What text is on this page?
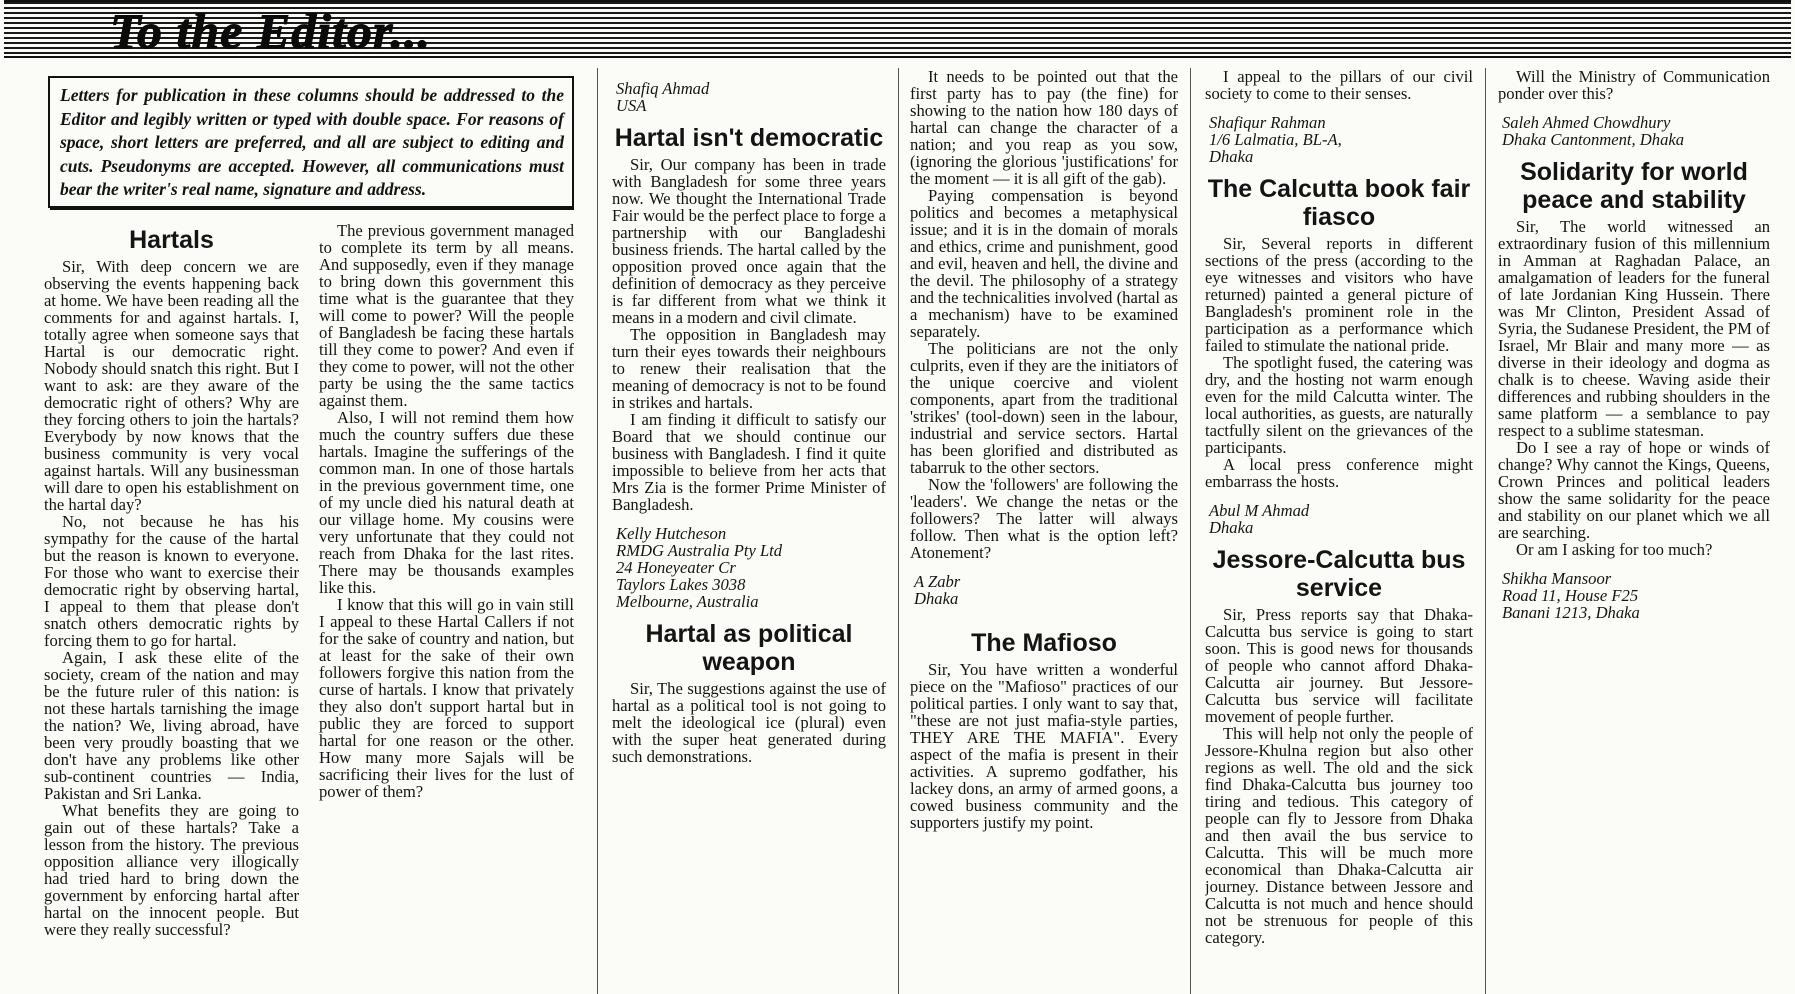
To the Editor...
Letters for publication in these columns should be addressed to the Editor and legibly written or typed with double space. For reasons of space, short letters are preferred, and all are subject to editing and cuts. Pseudonyms are accepted. However, all communications must bear the writer's real name, signature and address.
Hartals

Sir, With deep concern we are observing the events happening back at home. We have been reading all the comments for and against hartals. I, totally agree when someone says that Hartal is our democratic right. Nobody should snatch this right. But I want to ask: are they aware of the democratic right of others? Why are they forcing others to join the hartals? Everybody by now knows that the business community is very vocal against hartals. Will any businessman will dare to open his establishment on the hartal day?

No, not because he has his sympathy for the cause of the hartal but the reason is known to everyone. For those who want to exercise their democratic right by observing hartal, I appeal to them that please don't snatch others democratic rights by forcing them to go for hartal.

Again, I ask these elite of the society, cream of the nation and may be the future ruler of this nation: is not these hartals tarnishing the image the nation? We, living abroad, have been very proudly boasting that we don't have any problems like other sub-continent countries — India, Pakistan and Sri Lanka.

What benefits they are going to gain out of these hartals? Take a lesson from the history. The previous opposition alliance very illogically had tried hard to bring down the government by enforcing hartal after hartal on the innocent people. But were they really successful?

The previous government managed to complete its term by all means. And supposedly, even if they manage to bring down this government this time what is the guarantee that they will come to power? Will the people of Bangladesh be facing these hartals till they come to power? And even if they come to power, will not the other party be using the the same tactics against them.

Also, I will not remind them how much the country suffers due these hartals. Imagine the sufferings of the common man. In one of those hartals in the previous government time, one of my uncle died his natural death at our village home. My cousins were very unfortunate that they could not reach from Dhaka for the last rites. There may be thousands examples like this.

I know that this will go in vain still I appeal to these Hartal Callers if not for the sake of country and nation, but at least for the sake of their own followers forgive this nation from the curse of hartals. I know that privately they also don't support hartal but in public they are forced to support hartal for one reason or the other. How many more Sajals will be sacrificing their lives for the lust of power of them?

Shafiq Ahmad
USA
Hartal isn't democratic

Sir, Our company has been in trade with Bangladesh for some three years now. We thought the International Trade Fair would be the perfect place to forge a partnership with our Bangladeshi business friends. The hartal called by the opposition proved once again that the definition of democracy as they perceive is far different from what we think it means in a modern and civil climate.

The opposition in Bangladesh may turn their eyes towards their neighbours to renew their realisation that the meaning of democracy is not to be found in strikes and hartals.

I am finding it difficult to satisfy our Board that we should continue our business with Bangladesh. I find it quite impossible to believe from her acts that Mrs Zia is the former Prime Minister of Bangladesh.

Kelly Hutcheson
RMDG Australia Pty Ltd
24 Honeyeater Cr
Taylors Lakes 3038
Melbourne, Australia
Hartal as political weapon

Sir, The suggestions against the use of hartal as a political tool is not going to melt the ideological ice (plural) even with the super heat generated during such demonstrations.

It needs to be pointed out that the first party has to pay (the fine) for showing to the nation how 180 days of hartal can change the character of a nation; and you reap as you sow, (ignoring the glorious 'justifications' for the moment — it is all gift of the gab).

Paying compensation is beyond politics and becomes a metaphysical issue; and it is in the domain of morals and ethics, crime and punishment, good and evil, heaven and hell, the divine and the devil. The philosophy of a strategy and the technicalities involved (hartal as a mechanism) have to be examined separately.

The politicians are not the only culprits, even if they are the initiators of the unique coercive and violent components, apart from the traditional 'strikes' (tool-down) seen in the labour, industrial and service sectors. Hartal has been glorified and distributed as tabarruk to the other sectors.

Now the 'followers' are following the 'leaders'. We change the netas or the followers? The latter will always follow. Then what is the option left? Atonement?

A Zabr
Dhaka
The Mafioso

Sir, You have written a wonderful piece on the "Mafioso" practices of our political parties. I only want to say that, "these are not just mafia-style parties, THEY ARE THE MAFIA". Every aspect of the mafia is present in their activities. A supremo godfather, his lackey dons, an army of armed goons, a cowed business community and the supporters justify my point.

I appeal to the pillars of our civil society to come to their senses.

Shafiqur Rahman
1/6 Lalmatia, BL-A,
Dhaka
The Calcutta book fair fiasco

Sir, Several reports in different sections of the press (according to the eye witnesses and visitors who have returned) painted a general picture of Bangladesh's prominent role in the participation as a performance which failed to stimulate the national pride.

The spotlight fused, the catering was dry, and the hosting not warm enough even for the mild Calcutta winter. The local authorities, as guests, are naturally tactfully silent on the grievances of the participants.

A local press conference might embarrass the hosts.

Abul M Ahmad
Dhaka
Jessore-Calcutta bus service

Sir, Press reports say that Dhaka-Calcutta bus service is going to start soon. This is good news for thousands of people who cannot afford Dhaka-Calcutta air journey. But Jessore-Calcutta bus service will facilitate movement of people further.

This will help not only the people of Jessore-Khulna region but also other regions as well. The old and the sick find Dhaka-Calcutta bus journey too tiring and tedious. This category of people can fly to Jessore from Dhaka and then avail the bus service to Calcutta. This will be much more economical than Dhaka-Calcutta air journey. Distance between Jessore and Calcutta is not much and hence should not be strenuous for people of this category.

Will the Ministry of Communication ponder over this?

Saleh Ahmed Chowdhury
Dhaka Cantonment, Dhaka
Solidarity for world peace and stability

Sir, The world witnessed an extraordinary fusion of this millennium in Amman at Raghadan Palace, an amalgamation of leaders for the funeral of late Jordanian King Hussein. There was Mr Clinton, President Assad of Syria, the Sudanese President, the PM of Israel, Mr Blair and many more — as diverse in their ideology and dogma as chalk is to cheese. Waving aside their differences and rubbing shoulders in the same platform — a semblance to pay respect to a sublime statesman.

Do I see a ray of hope or winds of change? Why cannot the Kings, Queens, Crown Princes and political leaders show the same solidarity for the peace and stability on our planet which we all are searching.

Or am I asking for too much?

Shikha Mansoor
Road 11, House F25
Banani 1213, Dhaka
